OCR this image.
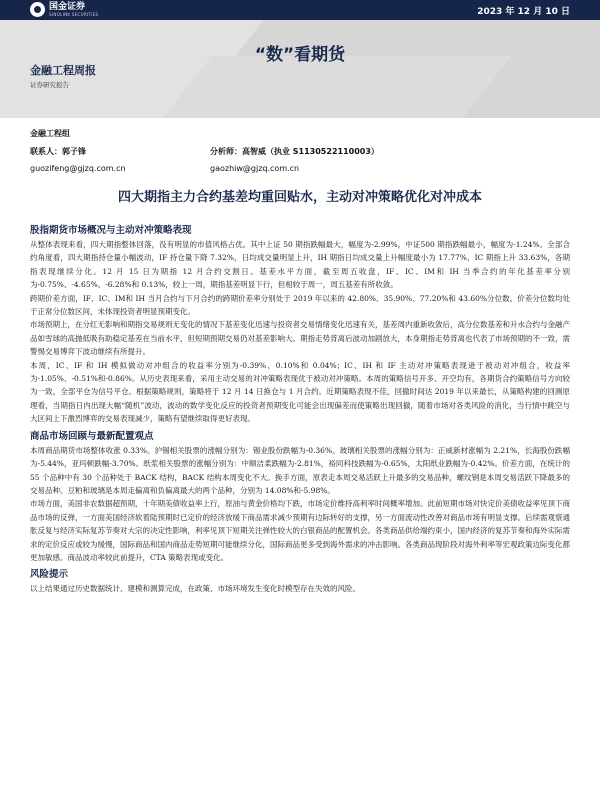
国金证券
SINOLINK SECURITIES	2023 年 12 月 10 日
“数”看期货
金融工程周报
证券研究报告
金融工程组
联系人：郭子锋	分析师：高智威（执业 S1130522110003）
guozifeng@gjzq.com.cn	gaozhiw@gjzq.com.cn
四大期指主力合约基差均重回贴水，主动对冲策略优化对冲成本
股指期货市场概况与主动对冲策略表现

从整体表现来看，四大期指整体回落，没有明显的市值风格占优。其中上证 50 期指跌幅最大，幅度为-2.99%，中证500 期指跌幅最小，幅度为-1.24%。全部合约角度看，四大期指持仓量小幅波动，IF 持仓量下降 7.32%，日均成交量明显上升，IH 期指日均成交量上升幅度最小为 17.77%，IC 期指上升 33.63%，各期指表现继续分化。12 月 15 日为期指 12 月合约交割日。基差水平方面，截至周五收盘，IF、IC、IM和 IH 当季合约的年化基差率分别为-0.75%、-4.65%、-6.28%和 0.13%，较上一周，期指基差明显下行，但相较于周一，周五基差有所收敛。

跨期价差方面，IF、IC、IM和 IH 当月合约与下月合约的跨期价差率分别处于 2019 年以来的 42.80%、35.90%、77.20%和 43.60%分位数。价差分位数均处于正常分位数区间，未体现投资者明显预期变化。

市场预期上，在分红无影响和期指交易规则无变化的情况下基差变化迅速与投资者交易情绪变化迅速有关，基差周内重新收敛后，高分位数基差和升水合约与金融产品如雪球的高抛低吸有助稳定基差在当前水平，但短期预期交易仍对基差影响大。期指走势背离后波动加剧放大，本身期指走势背离也代表了市场预期的不一致，需警惕交易博弈下波动继续有所提升。

本周，IC、IF 和 IH 模拟做动对冲组合的收益率分别为-0.39%、0.10%和 0.04%；IC、IH 和 IF 主动对冲策略表现逊于被动对冲组合，收益率为-1.05%、-0.51%和-0.86%。从历史表现来看，采用主动交易的对冲策略表现优于被动对冲策略。本周的策略信号开多、开空均有，各期货合约策略信号方向较为一致，全部平仓为信号平仓。根据策略规则，策略将于 12 月 14 日换仓与 1 月合约。近期策略表现不佳，回撤时间达 2019 年以来最长，从策略构建的回测原理看，当期指日内出现大幅“随机”波动，波动的数学变化反应的投资者预期变化可能会出现偏差而使策略出现回撤，随着市场对各类风险的消化，当行情中跳空与大区间上下激烈博弈的交易表现减少，策略有望继续取得更好表现。

商品市场回顾与最新配置观点

本周商品期货市场整体收涨 0.33%。沪锡相关股票的涨幅分别为：锡业股份跌幅为-0.36%。玻璃相关股票的涨幅分别为：正威新材涨幅为 2.21%，长海股份跌幅为-5.44%，亚玛顿跌幅-3.70%。纸浆相关股票的涨幅分别为：中顺洁柔跌幅为-2.81%，裕同科技跌幅为-0.65%，太阳纸业跌幅为-0.42%。价差方面，在统计的 55 个品种中有 30 个品种处于 BACK 结构，BACK 结构本周变化不大。换手方面，原表走本周交易活跃上升最多的交易品种，螺纹钢是本周交易活跃下降最多的交易品种。豆粕和玻璃是本周走偏离和负偏离最大的两个品种，分别为 14.08%和-5.98%。

市场方面，美国非农数据超预期，十年期美债收益率上行，原油与黄金价格均下跌，市场定价维持高利率时间概率增加。此前短期市场对快定价美债收益率见顶下商品市场的反弹，一方面美国经济软着陆预期时已定价的经济放缓下商品需求减少预期有边际转好的支撑，另一方面流动性改善对商品市场有明显支撑。后续需观察通胀反复与经济实际复苏节奏对大宗的决定性影响，利率见顶下短期关注弹性较大的白银商品的配置机会。各类商品供给端约束小，国内经济的复苏节奏和海外实际需求的定价反应或较为缓慢，国际商品和国内商品走势短期可能继续分化，国际商品更多受到海外需求的冲击影响。各类商品现阶段对海外利率等宏观政策边际变化都更加敏感。商品波动率较此前提升，CTA 策略表现或变化。

风险提示

以上结果通过历史数据统计、建模和测算完成，在政策、市场环境发生变化时模型存在失效的风险。
